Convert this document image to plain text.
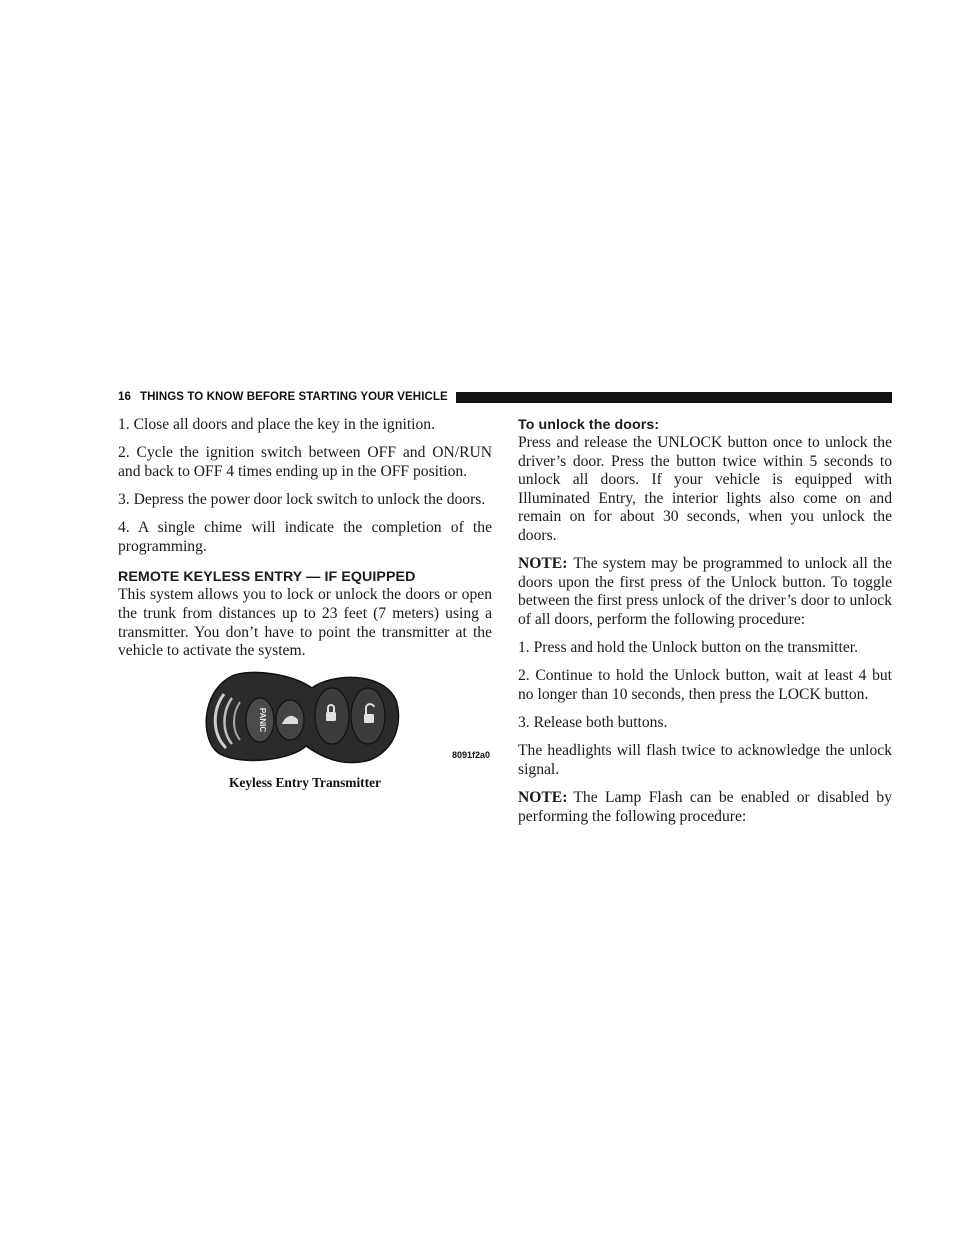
16 THINGS TO KNOW BEFORE STARTING YOUR VEHICLE

1. Close all doors and place the key in the ignition.

2. Cycle the ignition switch between OFF and ON/RUN and back to OFF 4 times ending up in the OFF position.

3. Depress the power door lock switch to unlock the doors.

4. A single chime will indicate the completion of the programming.

REMOTE KEYLESS ENTRY — IF EQUIPPED

This system allows you to lock or unlock the doors or open the trunk from distances up to 23 feet (7 meters) using a transmitter. You don’t have to point the transmitter at the vehicle to activate the system.

PANIC
8091f2a0
Keyless Entry Transmitter
To unlock the doors:

Press and release the UNLOCK button once to unlock the driver’s door. Press the button twice within 5 seconds to unlock all doors. If your vehicle is equipped with Illuminated Entry, the interior lights also come on and remain on for about 30 seconds, when you unlock the doors.

NOTE: The system may be programmed to unlock all the doors upon the first press of the Unlock button. To toggle between the first press unlock of the driver’s door to unlock of all doors, perform the following procedure:

1. Press and hold the Unlock button on the transmitter.

2. Continue to hold the Unlock button, wait at least 4 but no longer than 10 seconds, then press the LOCK button.

3. Release both buttons.

The headlights will flash twice to acknowledge the unlock signal.

NOTE: The Lamp Flash can be enabled or disabled by performing the following procedure:
